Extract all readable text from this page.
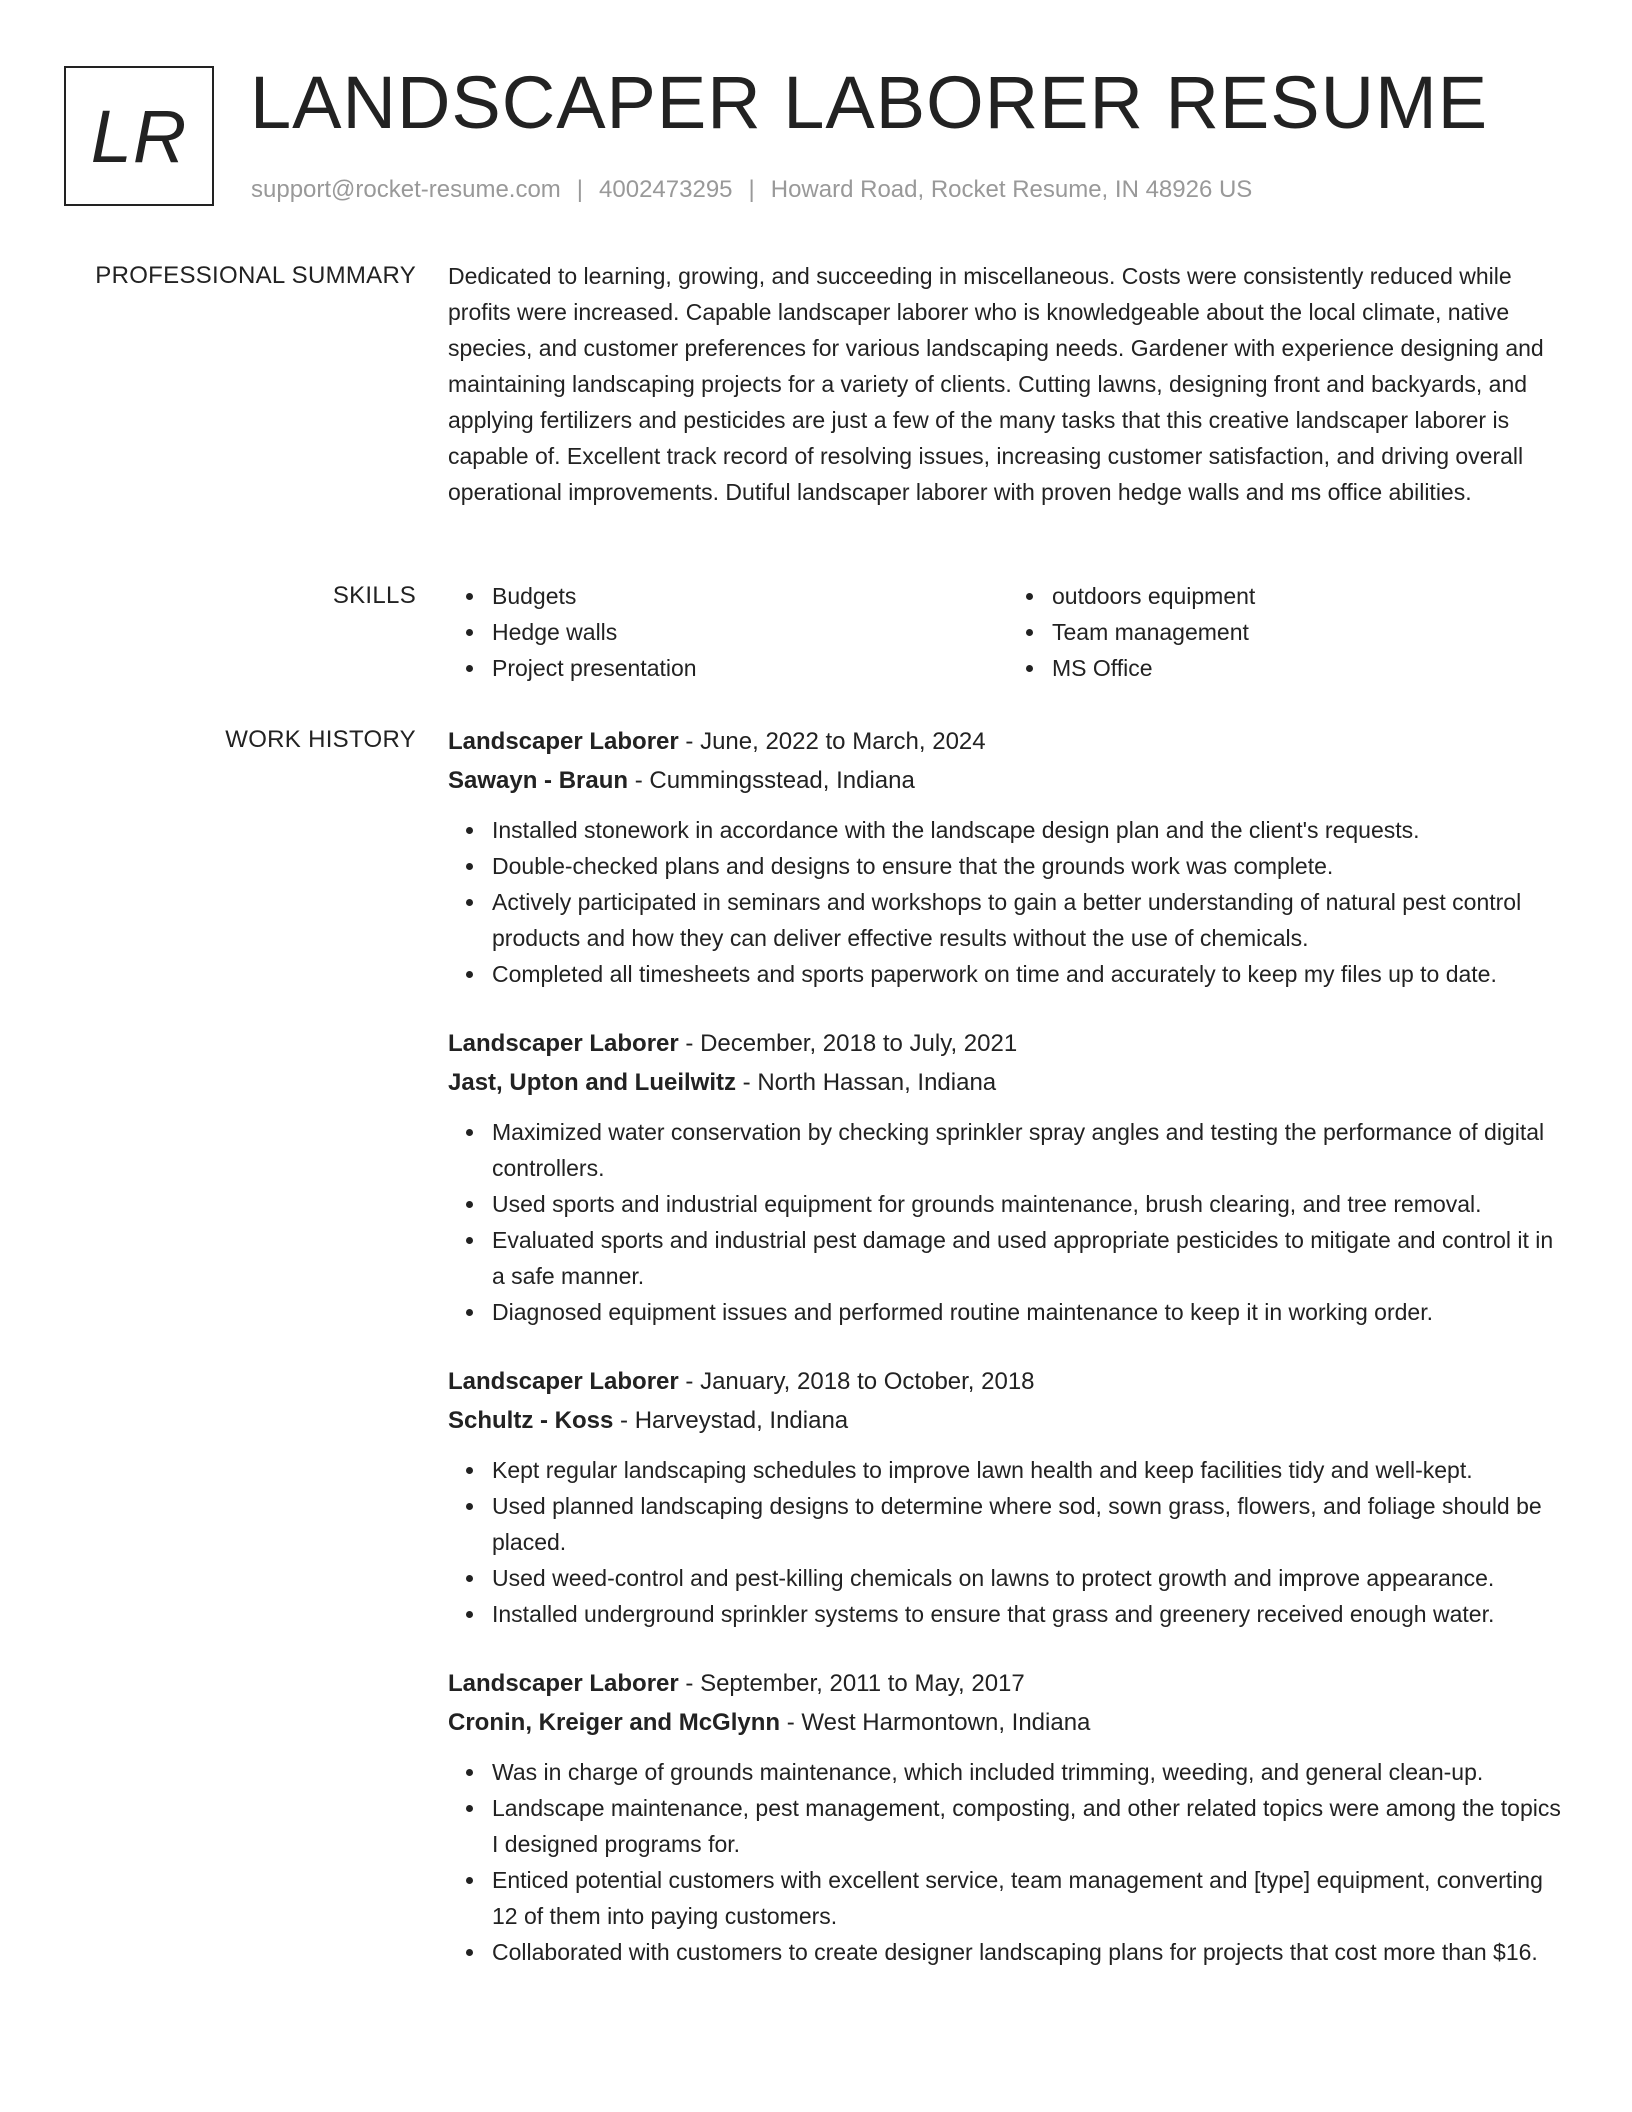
LR LANDSCAPER LABORER RESUME
support@rocket-resume.com | 4002473295 | Howard Road, Rocket Resume, IN 48926 US
PROFESSIONAL SUMMARY Dedicated to learning, growing, and succeeding in miscellaneous. Costs were consistently reduced while profits were increased. Capable landscaper laborer who is knowledgeable about the local climate, native species, and customer preferences for various landscaping needs. Gardener with experience designing and maintaining landscaping projects for a variety of clients. Cutting lawns, designing front and backyards, and applying fertilizers and pesticides are just a few of the many tasks that this creative landscaper laborer is capable of. Excellent track record of resolving issues, increasing customer satisfaction, and driving overall operational improvements. Dutiful landscaper laborer with proven hedge walls and ms office abilities.
SKILLS	Budgets
Hedge walls
Project presentation
outdoors equipment
Team management
MS Office
WORK HISTORY Landscaper Laborer - June, 2022 to March, 2024
Sawayn - Braun - Cummingsstead, Indiana
Installed stonework in accordance with the landscape design plan and the client's requests.
Double-checked plans and designs to ensure that the grounds work was complete.
Actively participated in seminars and workshops to gain a better understanding of natural pest control products and how they can deliver effective results without the use of chemicals.
Completed all timesheets and sports paperwork on time and accurately to keep my files up to date.
Landscaper Laborer - December, 2018 to July, 2021
Jast, Upton and Lueilwitz - North Hassan, Indiana
Maximized water conservation by checking sprinkler spray angles and testing the performance of digital controllers.
Used sports and industrial equipment for grounds maintenance, brush clearing, and tree removal.
Evaluated sports and industrial pest damage and used appropriate pesticides to mitigate and control it in a safe manner.
Diagnosed equipment issues and performed routine maintenance to keep it in working order.
Landscaper Laborer - January, 2018 to October, 2018
Schultz - Koss - Harveystad, Indiana
Kept regular landscaping schedules to improve lawn health and keep facilities tidy and well-kept.
Used planned landscaping designs to determine where sod, sown grass, flowers, and foliage should be placed.
Used weed-control and pest-killing chemicals on lawns to protect growth and improve appearance.
Installed underground sprinkler systems to ensure that grass and greenery received enough water.
Landscaper Laborer - September, 2011 to May, 2017
Cronin, Kreiger and McGlynn - West Harmontown, Indiana
Was in charge of grounds maintenance, which included trimming, weeding, and general clean-up.
Landscape maintenance, pest management, composting, and other related topics were among the topics I designed programs for.
Enticed potential customers with excellent service, team management and [type] equipment, converting 12 of them into paying customers.
Collaborated with customers to create designer landscaping plans for projects that cost more than $16.
